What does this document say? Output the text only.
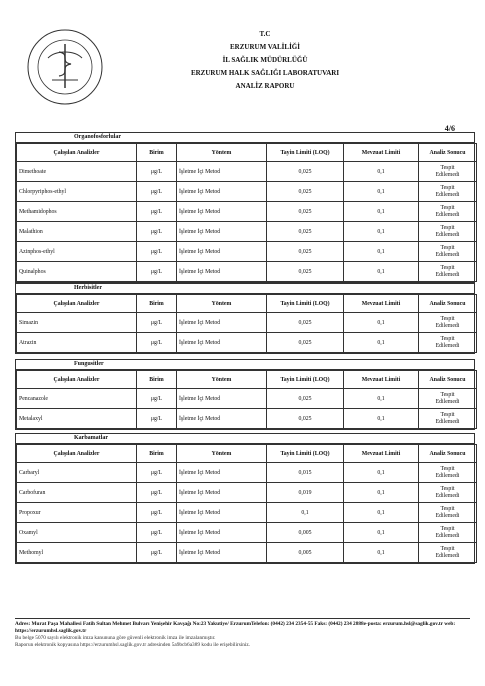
T.C
ERZURUM VALİLİĞİ
İL SAĞLIK MÜDÜRLÜĞÜ
ERZURUM HALK SAĞLIĞI LABORATUVARI
ANALİZ RAPORU
4/6
Organofosforlular
Çalışılan Analizler	Birim	Yöntem	Tayin Limiti (LOQ)	Mevzuat Limiti	Analiz Sonucu
Dimethoate	μg/L	İşletme İçi Metod	0,025	0,1	Tespit
Edilemedi

Chlorpyriphos-ethyl	μg/L	İşletme İçi Metod	0,025	0,1	Tespit
Edilemedi

Methamidophos	μg/L	İşletme İçi Metod	0,025	0,1	Tespit
Edilemedi

Malathion	μg/L	İşletme İçi Metod	0,025	0,1	Tespit
Edilemedi

Azinphos-ethyl	μg/L	İşletme İçi Metod	0,025	0,1	Tespit
Edilemedi

Quinalphos	μg/L	İşletme İçi Metod	0,025	0,1	Tespit
Edilemedi
Herbisitler
Çalışılan Analizler	Birim	Yöntem	Tayin Limiti (LOQ)	Mevzuat Limiti	Analiz Sonucu
Simazin	μg/L	İşletme İçi Metod	0,025	0,1	Tespit
Edilemedi

Atrazin	μg/L	İşletme İçi Metod	0,025	0,1	Tespit
Edilemedi
Fungusitler
Çalışılan Analizler	Birim	Yöntem	Tayin Limiti (LOQ)	Mevzuat Limiti	Analiz Sonucu
Pencanazole	μg/L	İşletme İçi Metod	0,025	0,1	Tespit
Edilemedi

Metalaxyl	μg/L	İşletme İçi Metod	0,025	0,1	Tespit
Edilemedi
Karbamatlar
Çalışılan Analizler	Birim	Yöntem	Tayin Limiti (LOQ)	Mevzuat Limiti	Analiz Sonucu
Carbaryl	μg/L	İşletme İçi Metod	0,015	0,1	Tespit
Edilemedi

Carbofuran	μg/L	İşletme İçi Metod	0,019	0,1	Tespit
Edilemedi

Propoxur	μg/L	İşletme İçi Metod	0,1	0,1	Tespit
Edilemedi

Oxamyl	μg/L	İşletme İçi Metod	0,005	0,1	Tespit
Edilemedi

Methomyl	μg/L	İşletme İçi Metod	0,005	0,1	Tespit
Edilemedi
Adres: Murat Paşa Mahallesi Fatih Sultan Mehmet Bulvarı Yenişehir Kavşağı No:23 Yakutiye/ ErzurumTelefon: (0442) 234 2354-55 Faks: (0442) 234 2888e-posta: erzurum.hsl@saglik.gov.tr web: https://erzurumhsl.saglik.gov.tr
Bu belge 5070 sayılı elektronik imza kanununa göre güvenli elektronik imza ile imzalanmıştır.
Raporun elektronik kopyasına https://erzurumhsl.saglik.gov.tr adresinden 5a9bcb6a389 kodu ile erişebilirsiniz.
